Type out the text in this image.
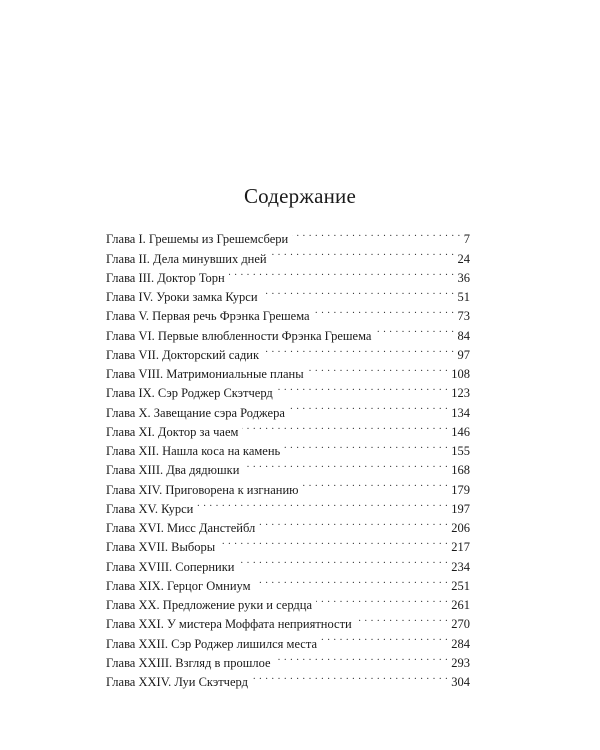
Содержание
Глава I. Грешемы из Грешемсбери . . .	7
Глава II. Дела минувших дней . . .	24
Глава III. Доктор Торн . . .	36
Глава IV. Уроки замка Курси . . .	51
Глава V. Первая речь Фрэнка Грешема . . .	73
Глава VI. Первые влюбленности Фрэнка Грешема . . .	84
Глава VII. Докторский садик . . .	97
Глава VIII. Матримониальные планы . . .	108
Глава IX. Сэр Роджер Скэтчерд . . .	123
Глава X. Завещание сэра Роджера . . .	134
Глава XI. Доктор за чаем . . .	146
Глава XII. Нашла коса на камень . . .	155
Глава XIII. Два дядюшки . . .	168
Глава XIV. Приговорена к изгнанию . . .	179
Глава XV. Курси . . .	197
Глава XVI. Мисс Данстейбл . . .	206
Глава XVII. Выборы . . .	217
Глава XVIII. Соперники . . .	234
Глава XIX. Герцог Омниум . . .	251
Глава XX. Предложение руки и сердца . . .	261
Глава XXI. У мистера Моффата неприятности . . .	270
Глава XXII. Сэр Роджер лишился места . . .	284
Глава XXIII. Взгляд в прошлое . . .	293
Глава XXIV. Луи Скэтчерд . . .	304
